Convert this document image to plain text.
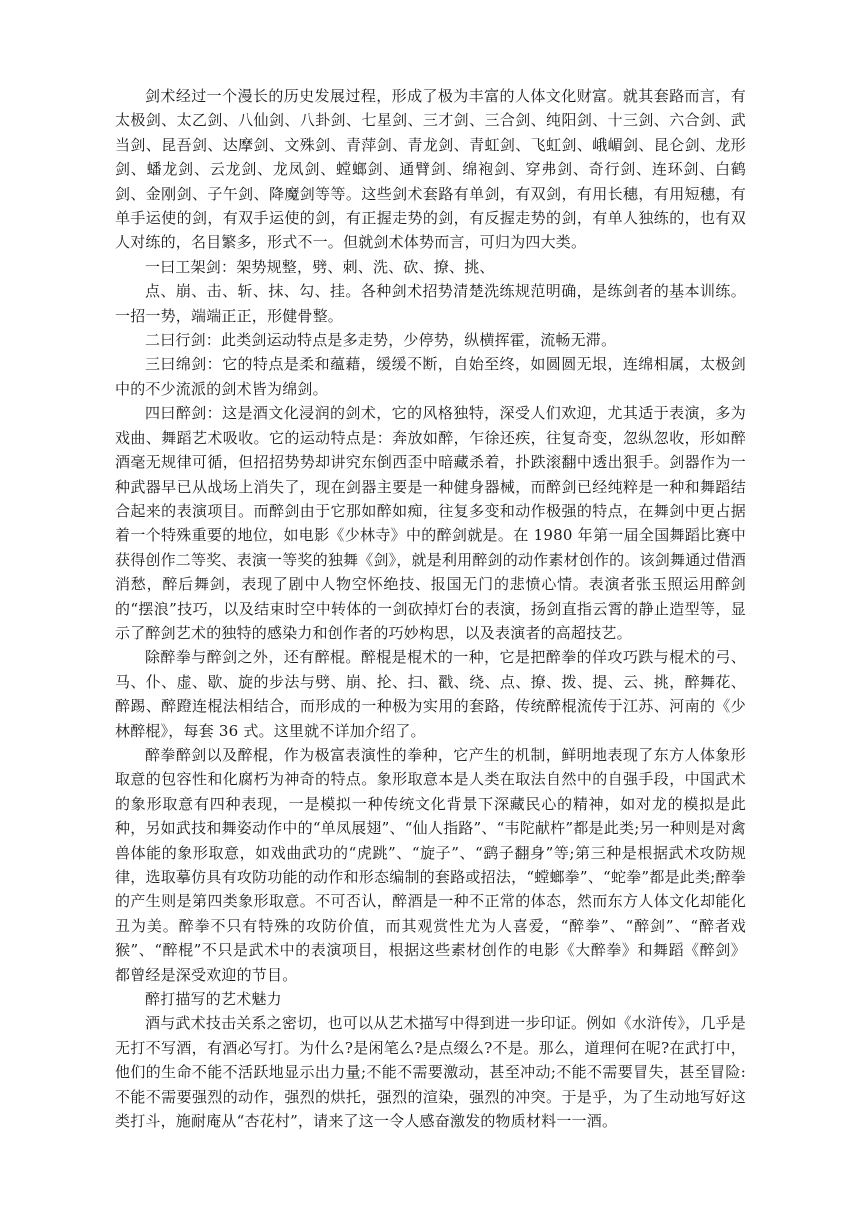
剑术经过一个漫长的历史发展过程，形成了极为丰富的人体文化财富。就其套路而言，有太极剑、太乙剑、八仙剑、八卦剑、七星剑、三才剑、三合剑、纯阳剑、十三剑、六合剑、武当剑、昆吾剑、达摩剑、文殊剑、青萍剑、青龙剑、青虹剑、飞虹剑、峨嵋剑、昆仑剑、龙形剑、蟠龙剑、云龙剑、龙凤剑、螳螂剑、通臂剑、绵袍剑、穿弗剑、奇行剑、连环剑、白鹤剑、金刚剑、子午剑、降魔剑等等。这些剑术套路有单剑，有双剑，有用长穗，有用短穗，有单手运使的剑，有双手运使的剑，有正握走势的剑，有反握走势的剑，有单人独练的，也有双人对练的，名目繁多，形式不一。但就剑术体势而言，可归为四大类。

一曰工架剑：架势规整，劈、刺、洗、砍、撩、挑、

点、崩、击、斩、抹、勾、挂。各种剑术招势清楚洗练规范明确，是练剑者的基本训练。一招一势，端端正正，形健骨整。

二曰行剑：此类剑运动特点是多走势，少停势，纵横挥霍，流畅无滞。

三曰绵剑：它的特点是柔和蕴藉，缓缓不断，自始至终，如圆圆无垠，连绵相属，太极剑中的不少流派的剑术皆为绵剑。

四曰醉剑：这是酒文化浸润的剑术，它的风格独特，深受人们欢迎，尤其适于表演，多为戏曲、舞蹈艺术吸收。它的运动特点是：奔放如醉，乍徐还疾，往复奇变，忽纵忽收，形如醉酒毫无规律可循，但招招势势却讲究东倒西歪中暗藏杀着，扑跌滚翻中透出狠手。剑器作为一种武器早已从战场上消失了，现在剑器主要是一种健身器械，而醉剑已经纯粹是一种和舞蹈结合起来的表演项目。而醉剑由于它那如醉如痴，往复多变和动作极强的特点，在舞剑中更占据着一个特殊重要的地位，如电影《少林寺》中的醉剑就是。在 1980 年第一届全国舞蹈比赛中获得创作二等奖、表演一等奖的独舞《剑》，就是利用醉剑的动作素材创作的。该剑舞通过借酒消愁，醉后舞剑，表现了剧中人物空怀绝技、报国无门的悲愤心情。表演者张玉照运用醉剑的“摆浪”技巧，以及结束时空中转体的一剑砍掉灯台的表演，扬剑直指云霄的静止造型等，显示了醉剑艺术的独特的感染力和创作者的巧妙构思，以及表演者的高超技艺。

除醉拳与醉剑之外，还有醉棍。醉棍是棍术的一种，它是把醉拳的佯攻巧跌与棍术的弓、马、仆、虚、歇、旋的步法与劈、崩、抡、扫、戳、绕、点、撩、拨、提、云、挑，醉舞花、醉踢、醉蹬连棍法相结合，而形成的一种极为实用的套路，传统醉棍流传于江苏、河南的《少林醉棍》，每套 36 式。这里就不详加介绍了。

醉拳醉剑以及醉棍，作为极富表演性的拳种，它产生的机制，鲜明地表现了东方人体象形取意的包容性和化腐朽为神奇的特点。象形取意本是人类在取法自然中的自强手段，中国武术的象形取意有四种表现，一是模拟一种传统文化背景下深藏民心的精神，如对龙的模拟是此种，另如武技和舞姿动作中的“单凤展翅”、“仙人指路”、“韦陀献杵”都是此类;另一种则是对禽兽体能的象形取意，如戏曲武功的“虎跳”、“旋子”、“鹞子翻身”等;第三种是根据武术攻防规律，选取摹仿具有攻防功能的动作和形态编制的套路或招法，“螳螂拳”、“蛇拳”都是此类;醉拳的产生则是第四类象形取意。不可否认，醉酒是一种不正常的体态，然而东方人体文化却能化丑为美。醉拳不只有特殊的攻防价值，而其观赏性尤为人喜爱，“醉拳”、“醉剑”、“醉者戏猴”、“醉棍”不只是武术中的表演项目，根据这些素材创作的电影《大醉拳》和舞蹈《醉剑》都曾经是深受欢迎的节目。

醉打描写的艺术魅力

酒与武术技击关系之密切，也可以从艺术描写中得到进一步印证。例如《水浒传》，几乎是无打不写酒，有酒必写打。为什么?是闲笔么?是点缀么?不是。那么，道理何在呢?在武打中，他们的生命不能不活跃地显示出力量;不能不需要激动，甚至冲动;不能不需要冒失，甚至冒险: 不能不需要强烈的动作，强烈的烘托，强烈的渲染，强烈的冲突。于是乎，为了生动地写好这类打斗，施耐庵从“杏花村”，请来了这一令人感奋激发的物质材料一一酒。
